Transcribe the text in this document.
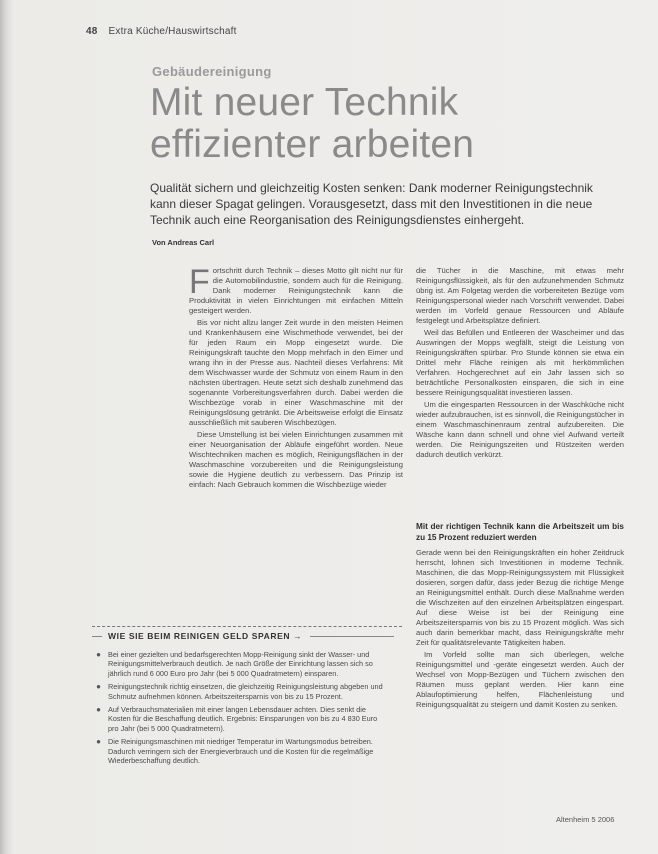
48 Extra Küche/Hauswirtschaft
Gebäudereinigung
Mit neuer Technik
effizienter arbeiten
Qualität sichern und gleichzeitig Kosten senken: Dank moderner Reinigungstechnik kann dieser Spagat gelingen. Vorausgesetzt, dass mit den Investitionen in die neue Technik auch eine Reorganisation des Reinigungsdienstes einhergeht.
Von Andreas Carl

Fortschritt durch Technik – dieses Motto gilt nicht nur für die Automobilindustrie, sondern auch für die Reinigung. Dank moderner Reinigungstechnik kann die Produktivität in vielen Einrichtungen mit einfachen Mitteln gesteigert werden.

Bis vor nicht allzu langer Zeit wurde in den meisten Heimen und Krankenhäusern eine Wischmethode verwendet, bei der für jeden Raum ein Mopp eingesetzt wurde. Die Reinigungskraft tauchte den Mopp mehrfach in den Eimer und wrang ihn in der Presse aus. Nachteil dieses Verfahrens: Mit dem Wischwasser wurde der Schmutz von einem Raum in den nächsten übertragen. Heute setzt sich deshalb zunehmend das sogenannte Vorbereitungsverfahren durch. Dabei werden die Wischbezüge vorab in einer Waschmaschine mit der Reinigungslösung getränkt. Die Arbeitsweise erfolgt die Einsatz ausschließlich mit sauberen Wischbezügen.

Diese Umstellung ist bei vielen Einrichtungen zusammen mit einer Neuorganisation der Abläufe eingeführt worden. Neue Wischtechniken machen es möglich, Reinigungsflächen in der Waschmaschine vorzubereiten und die Reinigungsleistung sowie die Hygiene deutlich zu verbessern. Das Prinzip ist einfach: Nach Gebrauch kommen die Wischbezüge wieder

die Tücher in die Maschine, mit etwas mehr Reinigungsflüssigkeit, als für den aufzunehmenden Schmutz übrig ist. Am Folgetag werden die vorbereiteten Bezüge vom Reinigungspersonal wieder nach Vorschrift verwendet. Dabei werden im Vorfeld genaue Ressourcen und Abläufe festgelegt und Arbeitsplätze definiert.

Weil das Befüllen und Entleeren der Wascheimer und das Auswringen der Mopps wegfällt, steigt die Leistung von Reinigungskräften spürbar. Pro Stunde können sie etwa ein Drittel mehr Fläche reinigen als mit herkömmlichen Verfahren. Hochgerechnet auf ein Jahr lassen sich so beträchtliche Personalkosten einsparen, die sich in eine bessere Reinigungsqualität investieren lassen.

Um die eingesparten Ressourcen in der Waschküche nicht wieder aufzubrauchen, ist es sinnvoll, die Reinigungstücher in einem Waschmaschinenraum zentral aufzubereiten. Die Wäsche kann dann schnell und ohne viel Aufwand verteilt werden. Die Reinigungszeiten und Rüstzeiten werden dadurch deutlich verkürzt.

Mit der richtigen Technik kann die Arbeitszeit um bis zu 15 Prozent reduziert werden

Gerade wenn bei den Reinigungskräften ein hoher Zeitdruck herrscht, lohnen sich Investitionen in moderne Technik. Maschinen, die das Mopp-Reinigungssystem mit Flüssigkeit dosieren, sorgen dafür, dass jeder Bezug die richtige Menge an Reinigungsmittel enthält. Durch diese Maßnahme werden die Wischzeiten auf den einzelnen Arbeitsplätzen eingespart. Auf diese Weise ist bei der Reinigung eine Arbeitszeitersparnis von bis zu 15 Prozent möglich. Was sich auch darin bemerkbar macht, dass Reinigungskräfte mehr Zeit für qualitätsrelevante Tätigkeiten haben.

Im Vorfeld sollte man sich überlegen, welche Reinigungsmittel und -geräte eingesetzt werden. Auch der Wechsel von Mopp-Bezügen und Tüchern zwischen den Räumen muss geplant werden. Hier kann eine Ablaufoptimierung helfen, Flächenleistung und Reinigungsqualität zu steigern und damit Kosten zu senken.

WIE SIE BEIM REINIGEN GELD SPAREN →
● Bei einer gezielten und bedarfsgerechten Mopp-Reinigung sinkt der Wasser- und Reinigungsmittelverbrauch deutlich. Je nach Größe der Einrichtung lassen sich so jährlich rund 6 000 Euro pro Jahr (bei 5 000 Quadratmetern) einsparen.
● Reinigungstechnik richtig einsetzen, die gleichzeitig Reinigungsleistung abgeben und Schmutz aufnehmen können. Arbeitszeitersparnis von bis zu 15 Prozent.
● Auf Verbrauchsmaterialien mit einer langen Lebensdauer achten. Dies senkt die Kosten für die Beschaffung deutlich. Ergebnis: Einsparungen von bis zu 4 830 Euro pro Jahr (bei 5 000 Quadratmetern).
● Die Reinigungsmaschinen mit niedriger Temperatur im Wartungsmodus betreiben. Dadurch verringern sich der Energieverbrauch und die Kosten für die regelmäßige Wiederbeschaffung deutlich.
Altenheim 5 2006
